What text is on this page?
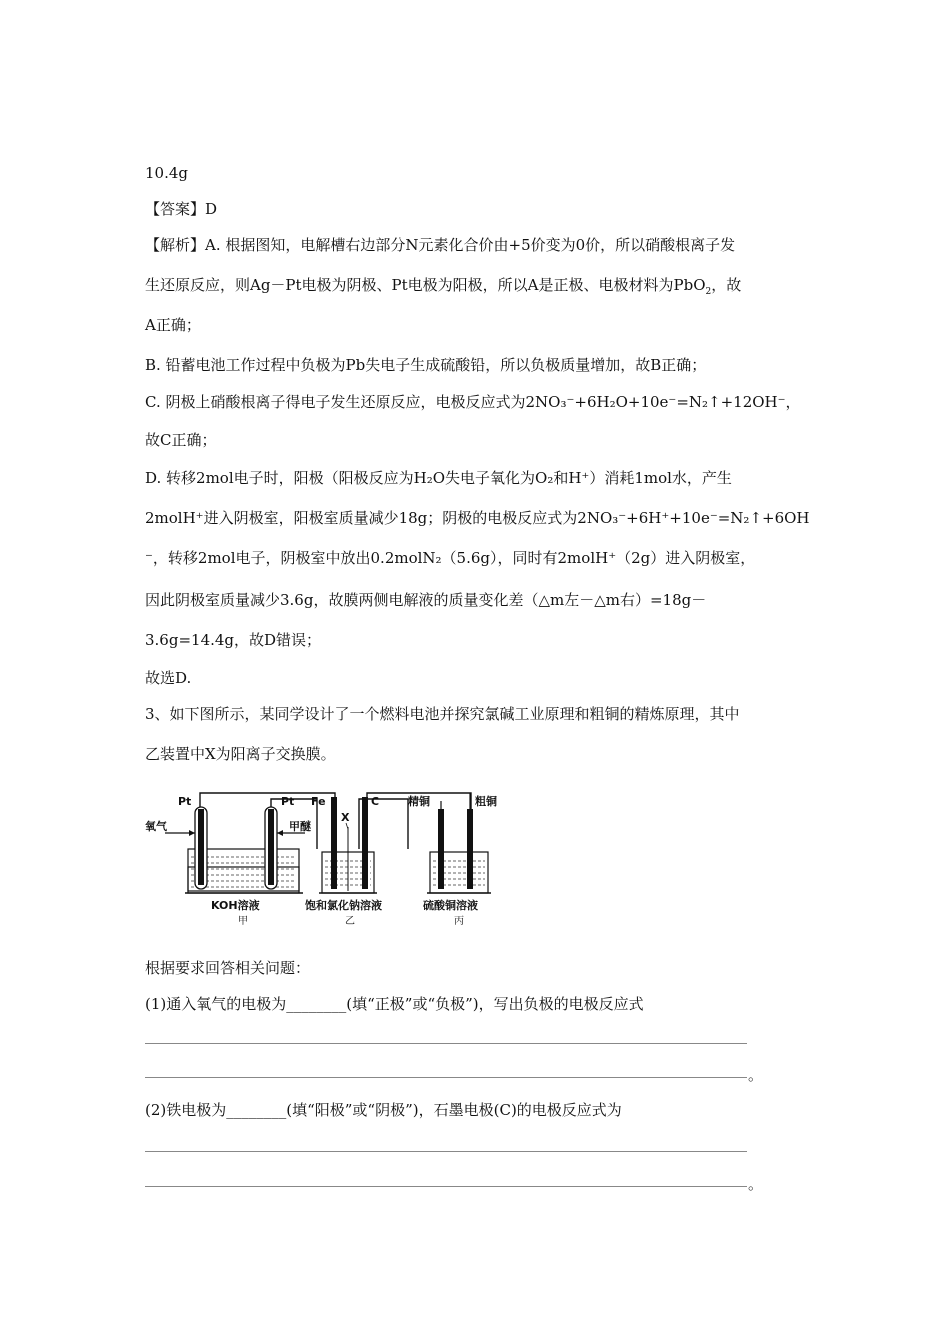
10.4g
【答案】D
【解析】A. 根据图知，电解槽右边部分N元素化合价由+5价变为0价，所以硝酸根离子发
生还原反应，则Ag－Pt电极为阴极、Pt电极为阳极，所以A是正极、电极材料为PbO$_2$，故
A正确；
B. 铅蓄电池工作过程中负极为Pb失电子生成硫酸铅，所以负极质量增加，故B正确；
C. 阴极上硝酸根离子得电子发生还原反应，电极反应式为2NO₃⁻+6H₂O+10e⁻=N₂↑+12OH⁻，
故C正确；
D. 转移2mol电子时，阳极（阳极反应为H₂O失电子氧化为O₂和H⁺）消耗1mol水，产生
2molH⁺进入阴极室，阳极室质量减少18g；阴极的电极反应式为2NO₃⁻+6H⁺+10e⁻=N₂↑+6OH
⁻，转移2mol电子，阴极室中放出0.2molN₂（5.6g），同时有2molH⁺（2g）进入阴极室，
因此阴极室质量减少3.6g，故膜两侧电解液的质量变化差（△m左－△m右）=18g－
3.6g=14.4g，故D错误；
故选D.
3、如下图所示，某同学设计了一个燃料电池并探究氯碱工业原理和粗铜的精炼原理，其中
乙装置中X为阳离子交换膜。
Pt	Pt Fe	C	精铜	粗铜
氧气	甲醚
X
KOH溶液
甲
饱和氯化钠溶液
乙
硫酸铜溶液
丙
根据要求回答相关问题：
(1)通入氧气的电极为________(填“正极”或“负极”)，写出负极的电极反应式
。
(2)铁电极为________(填“阳极”或“阴极”)，石墨电极(C)的电极反应式为
。
